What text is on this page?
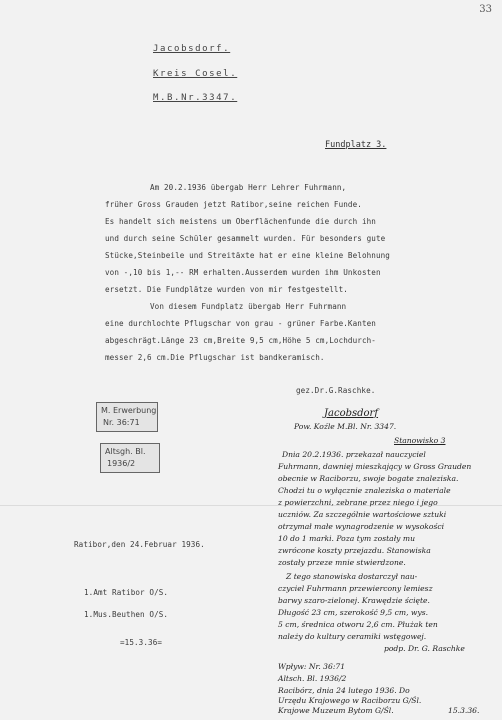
33
Jacobsdorf.
Kreis Cosel.
M.B.Nr.3347.
Fundplatz 3.
Am 20.2.1936 übergab Herr Lehrer Fuhrmann,
früher Gross Grauden jetzt Ratibor,seine reichen Funde.
Es handelt sich meistens um Oberflächenfunde die durch ihn
und durch seine Schüler gesammelt wurden. Für besonders gute
Stücke,Steinbeile und Streitäxte hat er eine kleine Belohnung
von -,10 bis 1,-- RM erhalten.Ausserdem wurden ihm Unkosten
ersetzt. Die Fundplätze wurden von mir festgestellt.
Von diesem Fundplatz übergab Herr Fuhrmann
eine durchlochte Pflugschar von grau - grüner Farbe.Kanten
abgeschrägt.Länge 23 cm,Breite 9,5 cm,Höhe 5 cm,Lochdurch-
messer 2,6 cm.Die Pflugschar ist bandkeramisch.
gez.Dr.G.Raschke.
M. Erwerbung
Nr. 36:71
Altsgh. Bl.
1936/2
Ratibor,den 24.Februar 1936.
1.Amt Ratibor O/S.
1.Mus.Beuthen O/S.
=15.3.36=
Jacobsdorf
Pow. Koźle M.Bl. Nr. 3347.
Stanowisko 3
Dnia 20.2.1936. przekazał nauczyciel
Fuhrmann, dawniej mieszkający w Gross Grauden
obecnie w Raciborzu, swoje bogate znaleziska.
Chodzi tu o wyłącznie znaleziska o materiale
z powierzchni, zebrane przez niego i jego
uczniów. Za szczególnie wartościowe sztuki
otrzymał małe wynagrodzenie w wysokości
10 do 1 marki. Poza tym zostały mu
zwrócone koszty przejazdu. Stanowiska
zostały przeze mnie stwierdzone.
Z tego stanowiska dostarczył nau-
czyciel Fuhrmann przewiercony lemiesz
barwy szaro-zielonej. Krawędzie ścięte.
Długość 23 cm, szerokość 9,5 cm, wys.
5 cm, średnica otworu 2,6 cm. Płużak ten
należy do kultury ceramiki wstęgowej.
podp. Dr. G. Raschke
Wpływ: Nr. 36:71
Altsch. Bl. 1936/2
Racibórz, dnia 24 lutego 1936. Do
Urzędu Krajowego w Raciborzu G/Śl.
Krajowe Muzeum Bytom G/Śl.	15.3.36.
